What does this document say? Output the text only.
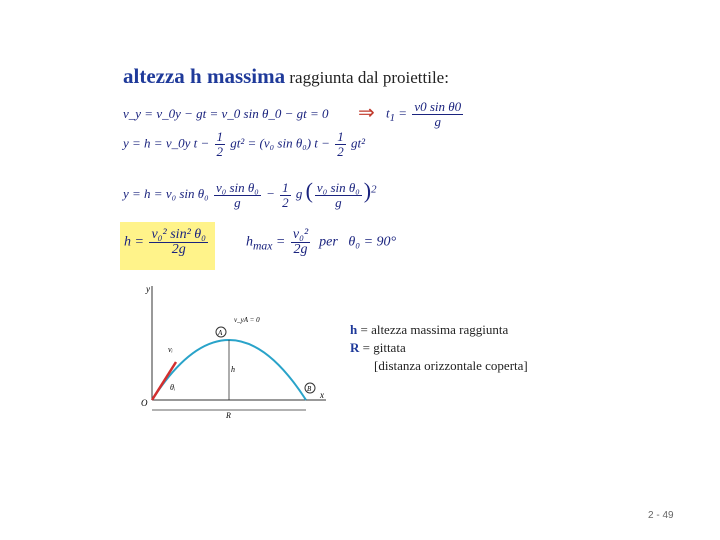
altezza h massima raggiunta dal proiettile:
v_y = v_0y − gt = v_0 sin θ_0 − gt = 0 ⇒ $t_1 = \frac{\text{v0 sin θ0}}{g}$
y = h = v_0y $t - \frac{1}{2} gt^2 = (v_0$ sin θ₀) $t - \frac{1}{2} gt^2$
y = h = v₀ $\sin \theta_0 \frac{\text{v₀ sin θ₀}}{g} - \frac{1}{2}$ g ( $\frac{\text{v₀ sin θ₀}}{g} )^2$
$h = \frac{\text{v₀² sin² θ₀}}{2g}$	$h_{max} = \frac{\text{v₀²}}{2g}$ per θ₀ = 90°
y
x
O
A
B
vᵢ
θᵢ
h
R
v_yA = 0
h = altezza massima raggiunta
R = gittata
[distanza orizzontale coperta]
2 - 49
